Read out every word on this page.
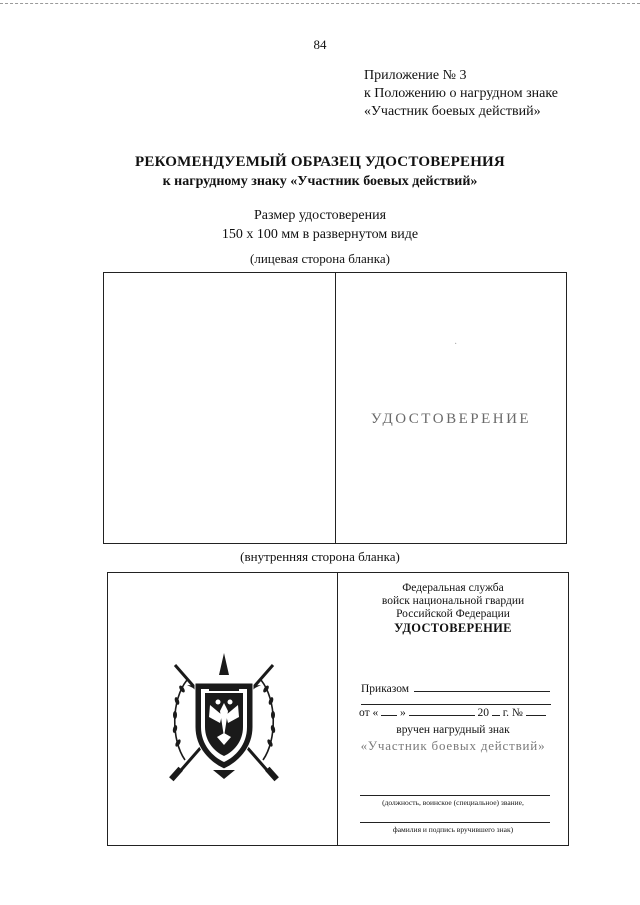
84
Приложение № 3
к Положению о нагрудном знаке
«Участник боевых действий»
РЕКОМЕНДУЕМЫЙ ОБРАЗЕЦ УДОСТОВЕРЕНИЯ
к нагрудному знаку «Участник боевых действий»
Размер удостоверения
150 х 100 мм в развернутом виде
(лицевая сторона бланка)
·
УДОСТОВЕРЕНИЕ
(внутренняя сторона бланка)
Федеральная служба
войск национальной гвардии
Российской Федерации
УДОСТОВЕРЕНИЕ
Приказом
от « »	20 г. №
вручен нагрудный знак
«Участник боевых действий»
(должность, воинское (специальное) звание,
фамилия и подпись вручившего знак)
